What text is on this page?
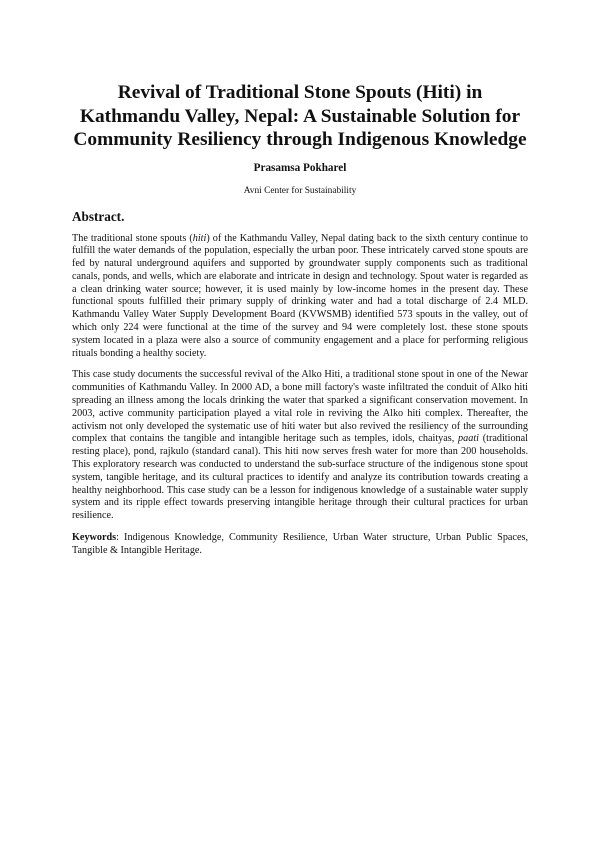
Revival of Traditional Stone Spouts (Hiti) in
Kathmandu Valley, Nepal: A Sustainable Solution for
Community Resiliency through Indigenous Knowledge
Prasamsa Pokharel
Avni Center for Sustainability
Abstract.

The traditional stone spouts (hiti) of the Kathmandu Valley, Nepal dating back to the sixth century continue to fulfill the water demands of the population, especially the urban poor. These intricately carved stone spouts are fed by natural underground aquifers and supported by groundwater supply components such as traditional canals, ponds, and wells, which are elaborate and intricate in design and technology. Spout water is regarded as a clean drinking water source; however, it is used mainly by low-income homes in the present day. These functional spouts fulfilled their primary supply of drinking water and had a total discharge of 2.4 MLD. Kathmandu Valley Water Supply Development Board (KVWSMB) identified 573 spouts in the valley, out of which only 224 were functional at the time of the survey and 94 were completely lost. these stone spouts system located in a plaza were also a source of community engagement and a place for performing religious rituals bonding a healthy society.

This case study documents the successful revival of the Alko Hiti, a traditional stone spout in one of the Newar communities of Kathmandu Valley. In 2000 AD, a bone mill factory's waste infiltrated the conduit of Alko hiti spreading an illness among the locals drinking the water that sparked a significant conservation movement. In 2003, active community participation played a vital role in reviving the Alko hiti complex. Thereafter, the activism not only developed the systematic use of hiti water but also revived the resiliency of the surrounding complex that contains the tangible and intangible heritage such as temples, idols, chaityas, paati (traditional resting place), pond, rajkulo (standard canal). This hiti now serves fresh water for more than 200 households. This exploratory research was conducted to understand the sub-surface structure of the indigenous stone spout system, tangible heritage, and its cultural practices to identify and analyze its contribution towards creating a healthy neighborhood. This case study can be a lesson for indigenous knowledge of a sustainable water supply system and its ripple effect towards preserving intangible heritage through their cultural practices for urban resilience.

Keywords: Indigenous Knowledge, Community Resilience, Urban Water structure, Urban Public Spaces, Tangible & Intangible Heritage.
